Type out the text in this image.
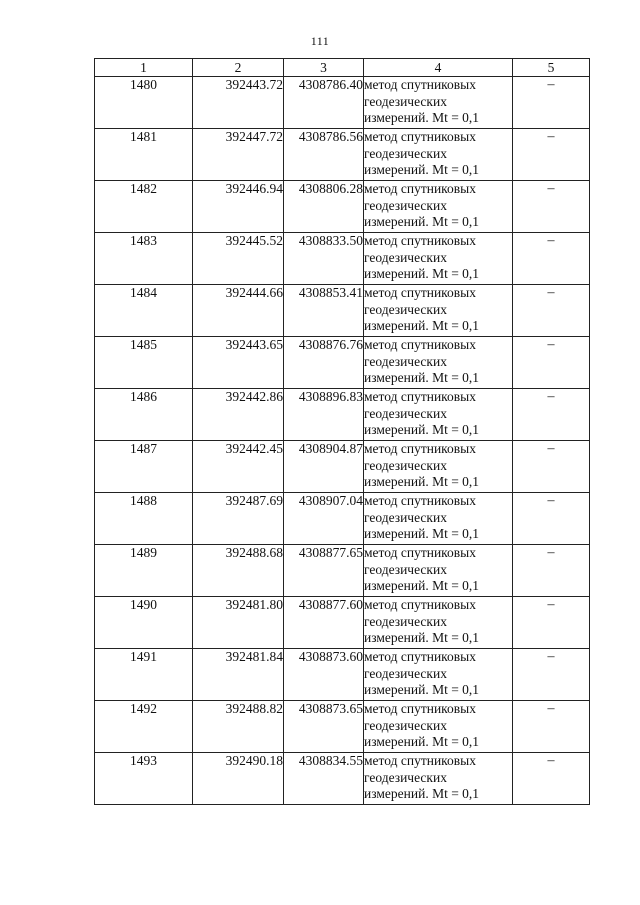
111
1	2	3	4	5
1480	392443.72	4308786.40	метод спутниковых
геодезических
измерений. Mt = 0,1	–
1481	392447.72	4308786.56	метод спутниковых
геодезических
измерений. Mt = 0,1	–
1482	392446.94	4308806.28	метод спутниковых
геодезических
измерений. Mt = 0,1	–
1483	392445.52	4308833.50	метод спутниковых
геодезических
измерений. Mt = 0,1	–
1484	392444.66	4308853.41	метод спутниковых
геодезических
измерений. Mt = 0,1	–
1485	392443.65	4308876.76	метод спутниковых
геодезических
измерений. Mt = 0,1	–
1486	392442.86	4308896.83	метод спутниковых
геодезических
измерений. Mt = 0,1	–
1487	392442.45	4308904.87	метод спутниковых
геодезических
измерений. Mt = 0,1	–
1488	392487.69	4308907.04	метод спутниковых
геодезических
измерений. Mt = 0,1	–
1489	392488.68	4308877.65	метод спутниковых
геодезических
измерений. Mt = 0,1	–
1490	392481.80	4308877.60	метод спутниковых
геодезических
измерений. Mt = 0,1	–
1491	392481.84	4308873.60	метод спутниковых
геодезических
измерений. Mt = 0,1	–
1492	392488.82	4308873.65	метод спутниковых
геодезических
измерений. Mt = 0,1	–
1493	392490.18	4308834.55	метод спутниковых
геодезических
измерений. Mt = 0,1	–
